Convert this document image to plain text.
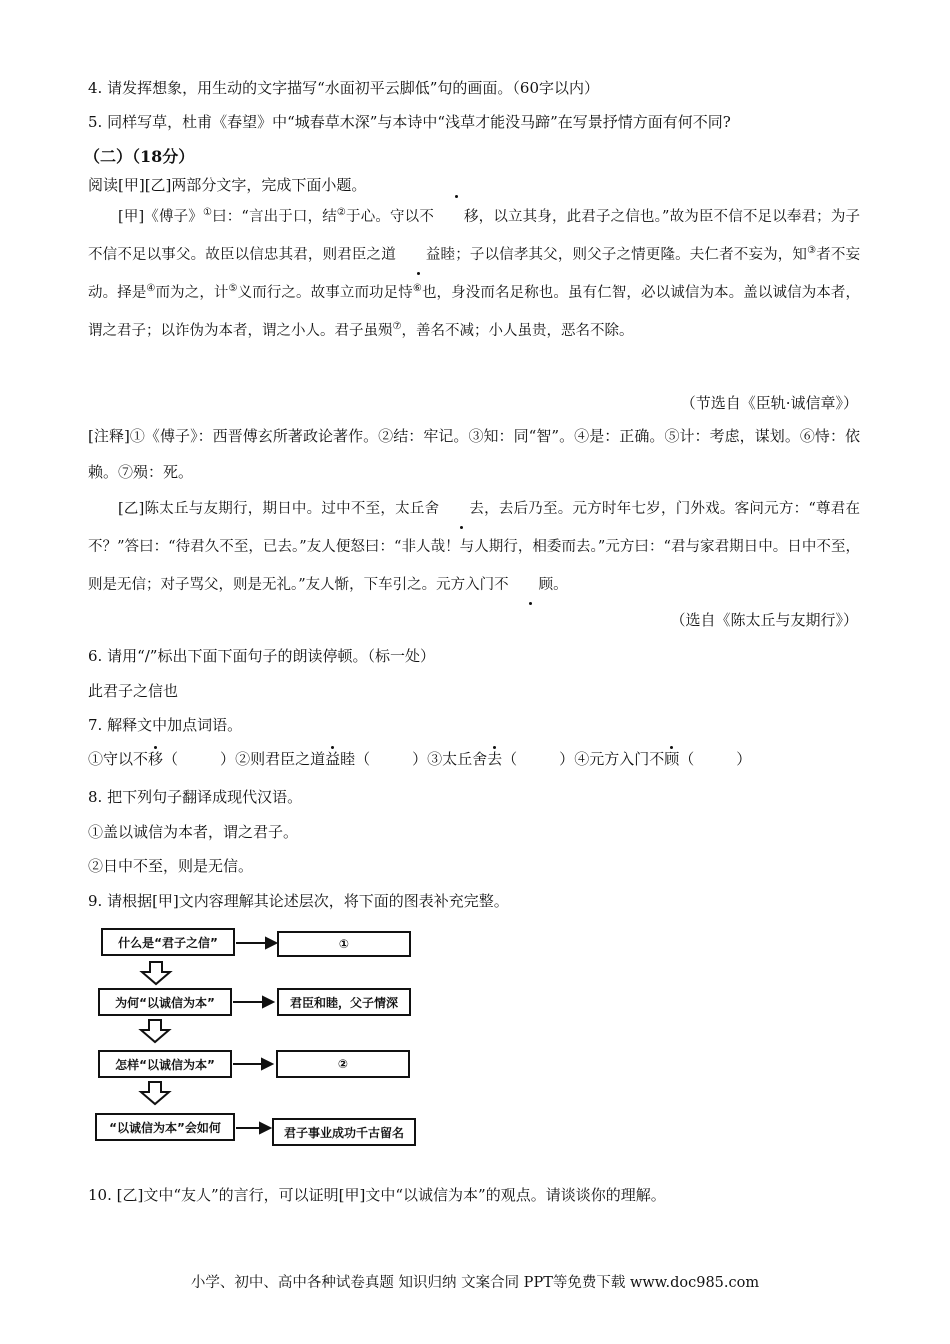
4. 请发挥想象，用生动的文字描写“水面初平云脚低”句的画面。（60字以内）
5. 同样写草，杜甫《春望》中“城春草木深”与本诗中“浅草才能没马蹄”在写景抒情方面有何不同?
（二）（18分）
阅读[甲][乙]两部分文字，完成下面小题。
[甲]《傅子》①曰：“言出于口，结②于心。守以不 移，以立其身，此君子之信也。”故为臣不信不足以奉君；为子不信不足以事父。故臣以信忠其君，则君臣之道 益睦；子以信孝其父，则父子之情更隆。夫仁者不妄为，知③者不妄动。择是④而为之，计⑤义而行之。故事立而功足恃⑥也，身没而名足称也。虽有仁智，必以诚信为本。盖以诚信为本者，谓之君子；以诈伪为本者，谓之小人。君子虽殒⑦，善名不减；小人虽贵，恶名不除。
（节选自《臣轨·诚信章》）
[注释]①《傅子》：西晋傅玄所著政论著作。②结：牢记。③知：同“智”。④是：正确。⑤计：考虑，谋划。⑥恃：依赖。⑦殒：死。
[乙]陈太丘与友期行，期日中。过中不至，太丘舍 去，去后乃至。元方时年七岁，门外戏。客问元方：“尊君在不？”答曰：“待君久不至，已去。”友人便怒曰：“非人哉！与人期行，相委而去。”元方曰：“君与家君期日中。日中不至，则是无信；对子骂父，则是无礼。”友人惭，下车引之。元方入门不 顾。
（选自《陈太丘与友期行》）
6. 请用“/”标出下面下面句子的朗读停顿。（标一处）
此君子之信也
7. 解释文中加点词语。
①守以不移（	）②则君臣之道益睦（	）③太丘舍去（	）④元方入门不顾（	）
8. 把下列句子翻译成现代汉语。
①盖以诚信为本者，谓之君子。
②日中不至，则是无信。
9. 请根据[甲]文内容理解其论述层次，将下面的图表补充完整。
什么是“君子之信”	①
为何“以诚信为本”	君臣和睦，父子情深
怎样“以诚信为本”	②
“以诚信为本”会如何	君子事业成功千古留名
10. [乙]文中“友人”的言行，可以证明[甲]文中“以诚信为本”的观点。请谈谈你的理解。
小学、初中、高中各种试卷真题 知识归纳 文案合同 PPT等免费下载 www.doc985.com
